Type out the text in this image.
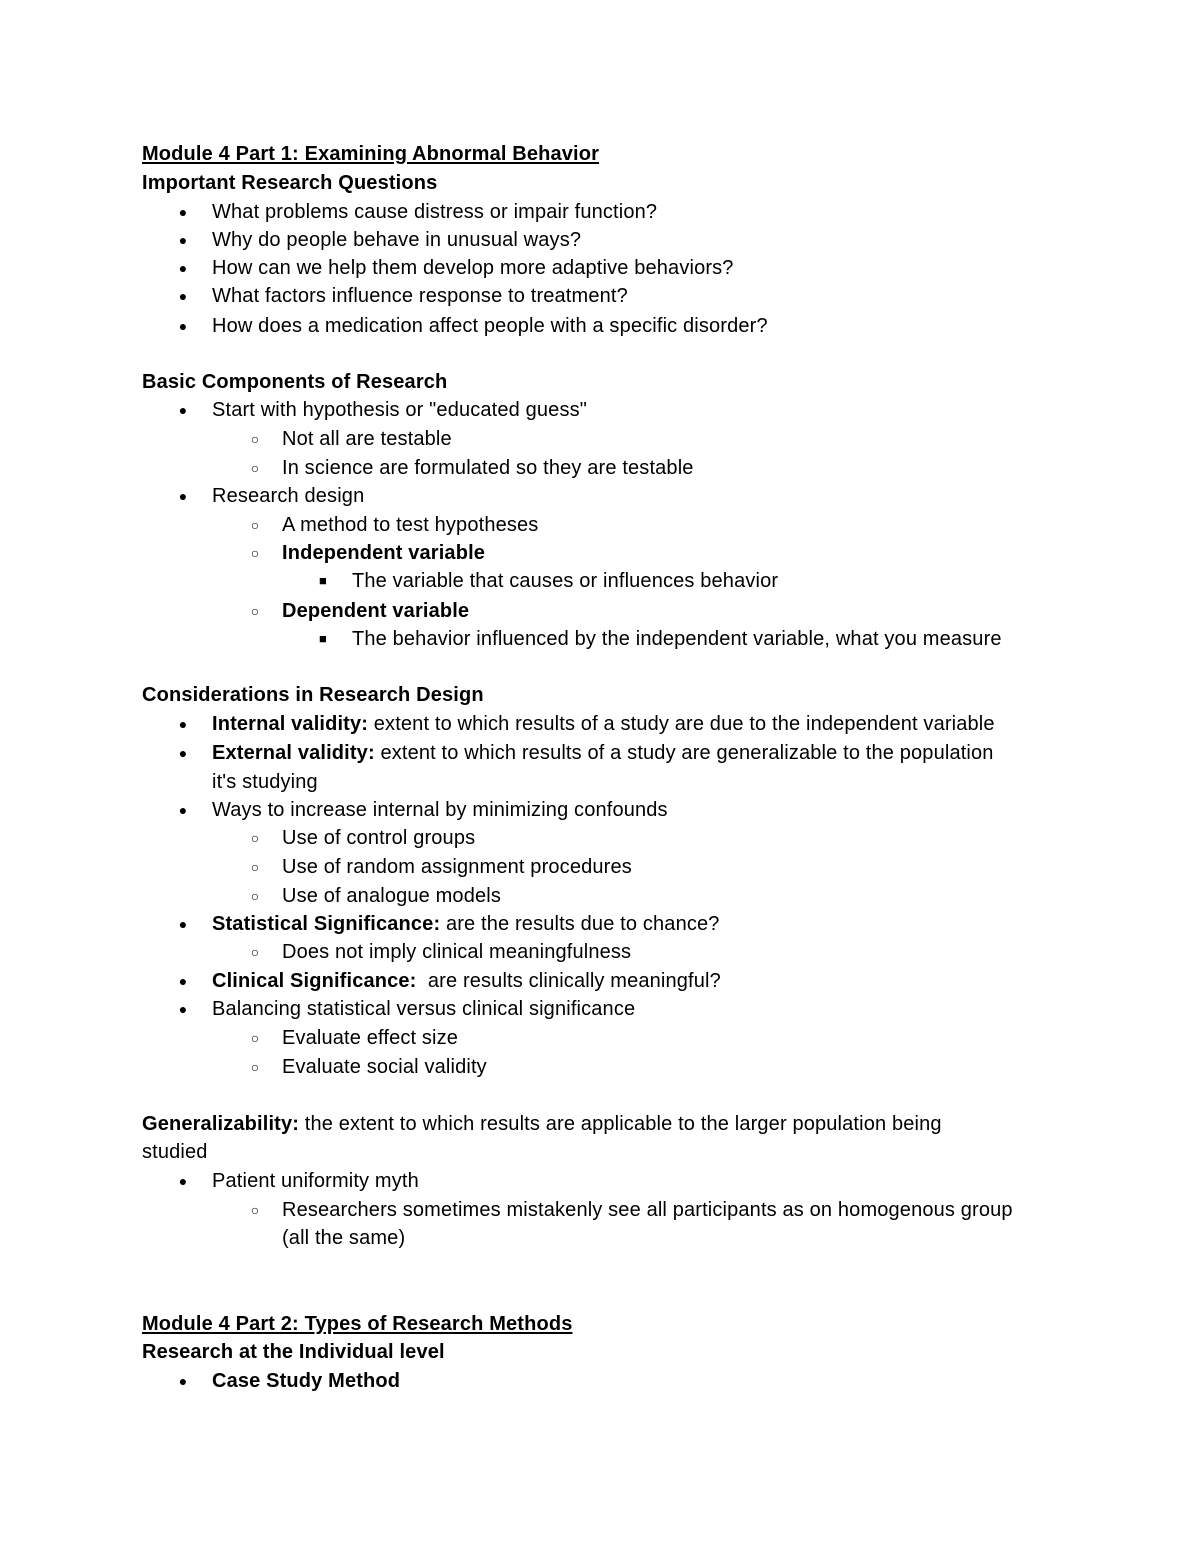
Module 4 Part 1: Examining Abnormal Behavior
Important Research Questions
● What problems cause distress or impair function?
● Why do people behave in unusual ways?
● How can we help them develop more adaptive behaviors?
● What factors influence response to treatment?
● How does a medication affect people with a specific disorder?
Basic Components of Research
● Start with hypothesis or "educated guess"
○ Not all are testable
○ In science are formulated so they are testable
● Research design
○ A method to test hypotheses
○ Independent variable
■ The variable that causes or influences behavior
○ Dependent variable
■ The behavior influenced by the independent variable, what you measure
Considerations in Research Design
● Internal validity: extent to which results of a study are due to the independent variable
● External validity: extent to which results of a study are generalizable to the population
it's studying
● Ways to increase internal by minimizing confounds
○ Use of control groups
○ Use of random assignment procedures
○ Use of analogue models
● Statistical Significance: are the results due to chance?
○ Does not imply clinical meaningfulness
● Clinical Significance:  are results clinically meaningful?
● Balancing statistical versus clinical significance
○ Evaluate effect size
○ Evaluate social validity
Generalizability: the extent to which results are applicable to the larger population being
studied
● Patient uniformity myth
○ Researchers sometimes mistakenly see all participants as on homogenous group
(all the same)
Module 4 Part 2: Types of Research Methods
Research at the Individual level
● Case Study Method
